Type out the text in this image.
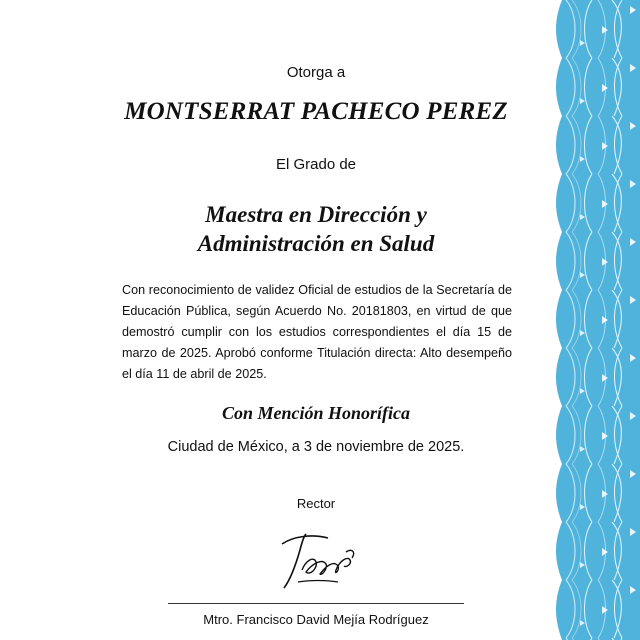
Otorga a
MONTSERRAT PACHECO PEREZ
El Grado de
Maestra en Dirección y
Administración en Salud
Con reconocimiento de validez Oficial de estudios de la Secretaría de Educación Pública, según Acuerdo No. 20181803, en virtud de que demostró cumplir con los estudios correspondientes el día 15 de marzo de 2025. Aprobó conforme Titulación directa: Alto desempeño el día 11 de abril de 2025.
Con Mención Honorífica
Ciudad de México, a 3 de noviembre de 2025.
Rector
Mtro. Francisco David Mejía Rodríguez
